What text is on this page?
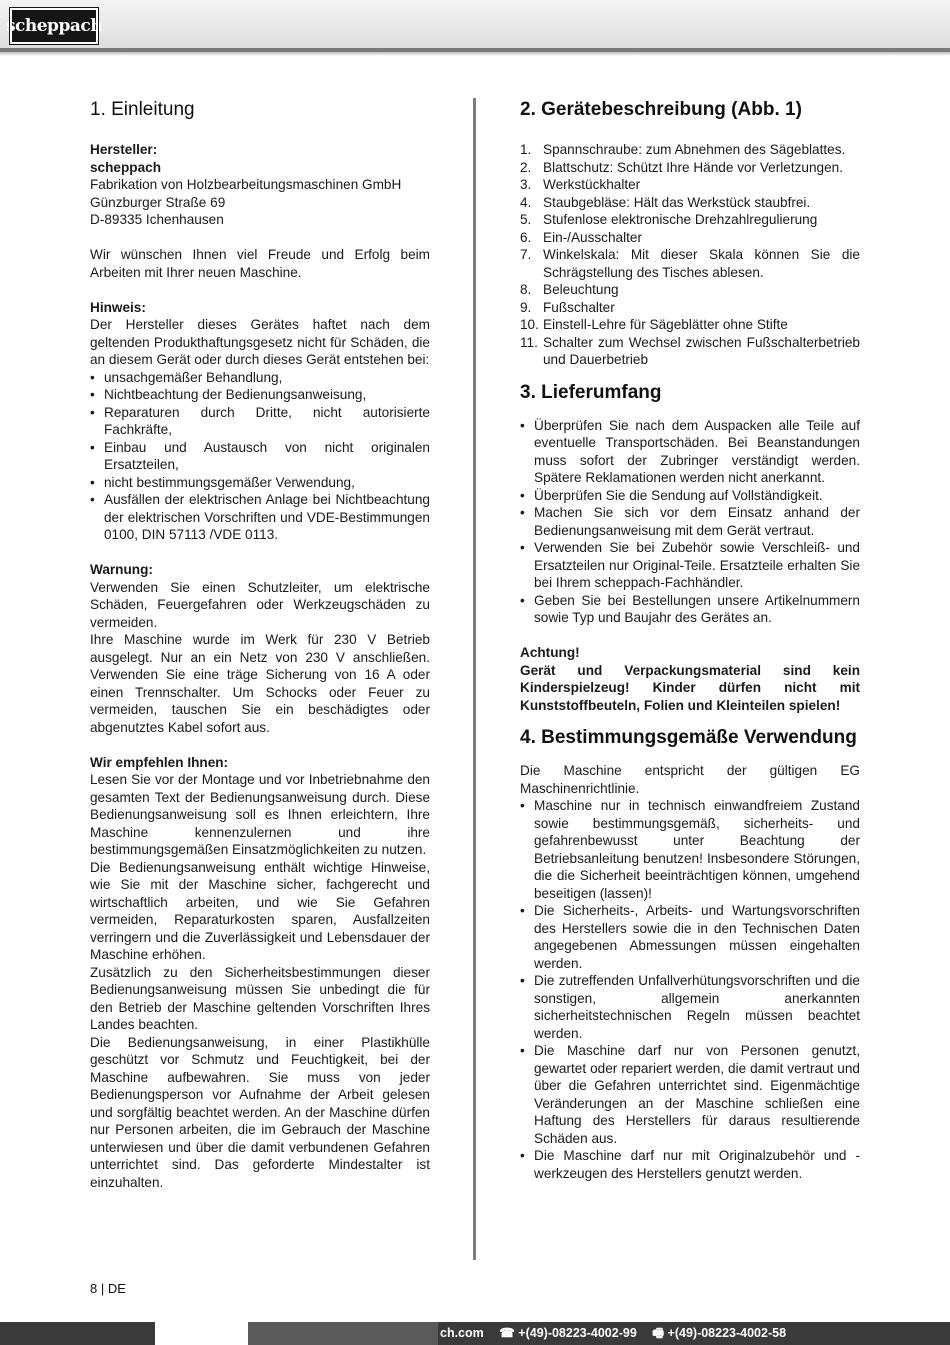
scheppach
1. Einleitung

Hersteller:

scheppach

Fabrikation von Holzbearbeitungsmaschinen GmbH

Günzburger Straße 69

D-89335 Ichenhausen

Wir wünschen Ihnen viel Freude und Erfolg beim Arbeiten mit Ihrer neuen Maschine.

Hinweis:

Der Hersteller dieses Gerätes haftet nach dem geltenden Produkthaftungsgesetz nicht für Schäden, die an diesem Gerät oder durch dieses Gerät entstehen bei:

• unsachgemäßer Behandlung,
• Nichtbeachtung der Bedienungsanweisung,
• Reparaturen durch Dritte, nicht autorisierte Fachkräfte,
• Einbau und Austausch von nicht originalen Ersatzteilen,
• nicht bestimmungsgemäßer Verwendung,
• Ausfällen der elektrischen Anlage bei Nichtbeachtung der elektrischen Vorschriften und VDE-Bestimmungen 0100, DIN 57113 /VDE 0113.

Warnung:

Verwenden Sie einen Schutzleiter, um elektrische Schäden, Feuergefahren oder Werkzeugschäden zu vermeiden.

Ihre Maschine wurde im Werk für 230 V Betrieb ausgelegt. Nur an ein Netz von 230 V anschließen. Verwenden Sie eine träge Sicherung von 16 A oder einen Trennschalter. Um Schocks oder Feuer zu vermeiden, tauschen Sie ein beschädigtes oder abgenutztes Kabel sofort aus.

Wir empfehlen Ihnen:

Lesen Sie vor der Montage und vor Inbetriebnahme den gesamten Text der Bedienungsanweisung durch. Diese Bedienungsanweisung soll es Ihnen erleichtern, Ihre Maschine kennenzulernen und ihre bestimmungsgemäßen Einsatzmöglichkeiten zu nutzen.

Die Bedienungsanweisung enthält wichtige Hinweise, wie Sie mit der Maschine sicher, fachgerecht und wirtschaftlich arbeiten, und wie Sie Gefahren vermeiden, Reparaturkosten sparen, Ausfallzeiten verringern und die Zuverlässigkeit und Lebensdauer der Maschine erhöhen.

Zusätzlich zu den Sicherheitsbestimmungen dieser Bedienungsanweisung müssen Sie unbedingt die für den Betrieb der Maschine geltenden Vorschriften Ihres Landes beachten.

Die Bedienungsanweisung, in einer Plastikhülle geschützt vor Schmutz und Feuchtigkeit, bei der Maschine aufbewahren. Sie muss von jeder Bedienungsperson vor Aufnahme der Arbeit gelesen und sorgfältig beachtet werden. An der Maschine dürfen nur Personen arbeiten, die im Gebrauch der Maschine unterwiesen und über die damit verbundenen Gefahren unterrichtet sind. Das geforderte Mindestalter ist einzuhalten.

2. Gerätebeschreibung (Abb. 1)
1. Spannschraube: zum Abnehmen des Sägeblattes.
2. Blattschutz: Schützt Ihre Hände vor Verletzungen.
3. Werkstückhalter
4. Staubgebläse: Hält das Werkstück staubfrei.
5. Stufenlose elektronische Drehzahlregulierung
6. Ein-/Ausschalter
7. Winkelskala: Mit dieser Skala können Sie die Schrägstellung des Tisches ablesen.
8. Beleuchtung
9. Fußschalter
10. Einstell-Lehre für Sägeblätter ohne Stifte
11. Schalter zum Wechsel zwischen Fußschalterbetrieb und Dauerbetrieb
3. Lieferumfang
• Überprüfen Sie nach dem Auspacken alle Teile auf eventuelle Transportschäden. Bei Beanstandungen muss sofort der Zubringer verständigt werden. Spätere Reklamationen werden nicht anerkannt.
• Überprüfen Sie die Sendung auf Vollständigkeit.
• Machen Sie sich vor dem Einsatz anhand der Bedienungsanweisung mit dem Gerät vertraut.
• Verwenden Sie bei Zubehör sowie Verschleiß- und Ersatzteilen nur Original-Teile. Ersatzteile erhalten Sie bei Ihrem scheppach-Fachhändler.
• Geben Sie bei Bestellungen unsere Artikelnummern sowie Typ und Baujahr des Gerätes an.

Achtung!

Gerät und Verpackungsmaterial sind kein Kinderspielzeug! Kinder dürfen nicht mit Kunststoffbeuteln, Folien und Kleinteilen spielen!

4. Bestimmungsgemäße Verwendung

Die Maschine entspricht der gültigen EG Maschinenrichtlinie.

• Maschine nur in technisch einwandfreiem Zustand sowie bestimmungsgemäß, sicherheits- und gefahrenbewusst unter Beachtung der Betriebsanleitung benutzen! Insbesondere Störungen, die die Sicherheit beeinträchtigen können, umgehend beseitigen (lassen)!
• Die Sicherheits-, Arbeits- und Wartungsvorschriften des Herstellers sowie die in den Technischen Daten angegebenen Abmessungen müssen eingehalten werden.
• Die zutreffenden Unfallverhütungsvorschriften und die sonstigen, allgemein anerkannten sicherheitstechnischen Regeln müssen beachtet werden.
• Die Maschine darf nur von Personen genutzt, gewartet oder repariert werden, die damit vertraut und über die Gefahren unterrichtet sind. Eigenmächtige Veränderungen an der Maschine schließen eine Haftung des Herstellers für daraus resultierende Schäden aus.
• Die Maschine darf nur mit Originalzubehör und -werkzeugen des Herstellers genutzt werden.
8 | DE
ch.com ☎ +(49)-08223-4002-99 🖷 +(49)-08223-4002-58
